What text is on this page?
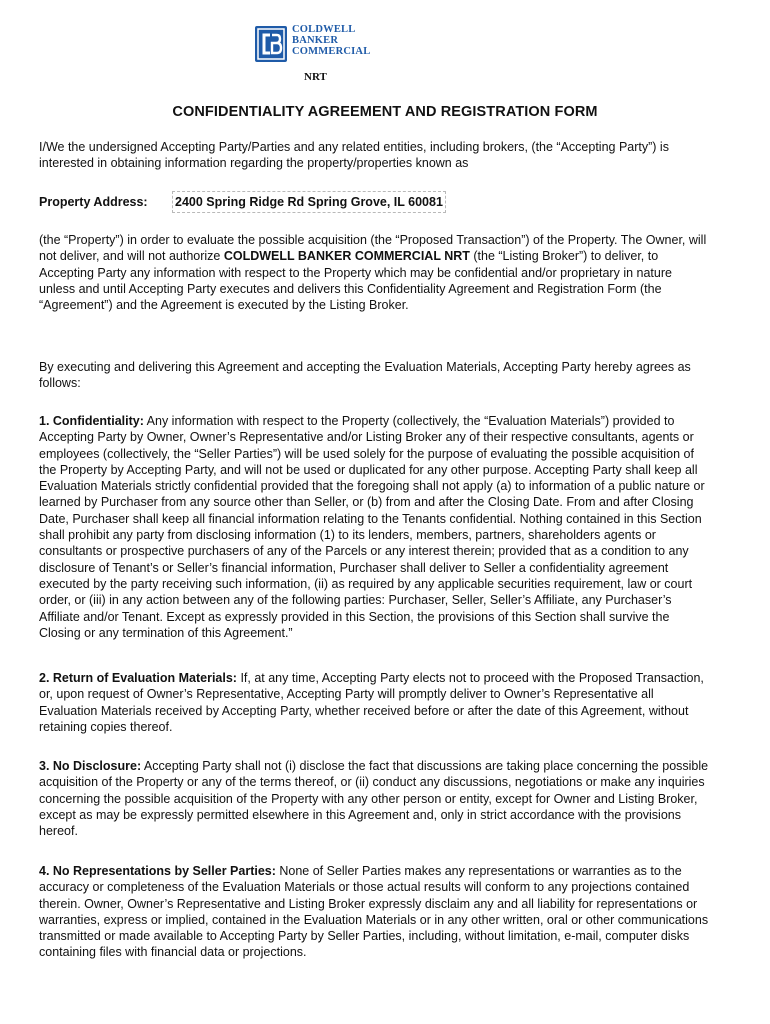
COLDWELL
BANKER
COMMERCIAL
NRT
CONFIDENTIALITY AGREEMENT AND REGISTRATION FORM

I/We the undersigned Accepting Party/Parties and any related entities, including brokers, (the “Accepting Party”) is interested in obtaining information regarding the property/properties known as

Property Address: 2400 Spring Ridge Rd Spring Grove, IL 60081

(the “Property”) in order to evaluate the possible acquisition (the “Proposed Transaction”) of the Property. The Owner, will not deliver, and will not authorize COLDWELL BANKER COMMERCIAL NRT (the “Listing Broker”) to deliver, to Accepting Party any information with respect to the Property which may be confidential and/or proprietary in nature unless and until Accepting Party executes and delivers this Confidentiality Agreement and Registration Form (the
“Agreement”) and the Agreement is executed by the Listing Broker.

By executing and delivering this Agreement and accepting the Evaluation Materials, Accepting Party hereby agrees as follows:

1. Confidentiality: Any information with respect to the Property (collectively, the “Evaluation Materials”) provided to Accepting Party by Owner, Owner’s Representative and/or Listing Broker any of their respective consultants, agents or employees (collectively, the “Seller Parties”) will be used solely for the purpose of evaluating the possible acquisition of the Property by Accepting Party, and will not be used or duplicated for any other purpose. Accepting Party shall keep all Evaluation Materials strictly confidential provided that the foregoing shall not apply (a) to information of a public nature or learned by Purchaser from any source other than Seller, or (b) from and after the Closing Date. From and after Closing Date, Purchaser shall keep all financial information relating to the Tenants confidential. Nothing contained in this Section shall prohibit any party from disclosing information (1) to its lenders, members, partners, shareholders agents or consultants or prospective purchasers of any of the Parcels or any interest therein; provided that as a condition to any disclosure of Tenant’s or Seller’s financial information, Purchaser shall deliver to Seller a confidentiality agreement executed by the party receiving such information, (ii) as required by any applicable securities requirement, law or court order, or (iii) in any action between any of the following parties: Purchaser, Seller, Seller’s Affiliate, any Purchaser’s Affiliate and/or Tenant. Except as expressly provided in this Section, the provisions of this Section shall survive the Closing or any termination of this Agreement.”

2. Return of Evaluation Materials: If, at any time, Accepting Party elects not to proceed with the Proposed Transaction, or, upon request of Owner’s Representative, Accepting Party will promptly deliver to Owner’s Representative all Evaluation Materials received by Accepting Party, whether received before or after the date of this Agreement, without retaining copies thereof.

3. No Disclosure: Accepting Party shall not (i) disclose the fact that discussions are taking place concerning the possible acquisition of the Property or any of the terms thereof, or (ii) conduct any discussions, negotiations or make any inquiries concerning the possible acquisition of the Property with any other person or entity, except for Owner and Listing Broker, except as may be expressly permitted elsewhere in this Agreement and, only in strict accordance with the provisions hereof.

4. No Representations by Seller Parties: None of Seller Parties makes any representations or warranties as to the accuracy or completeness of the Evaluation Materials or those actual results will conform to any projections contained therein. Owner, Owner’s Representative and Listing Broker expressly disclaim any and all liability for representations or warranties, express or implied, contained in the Evaluation Materials or in any other written, oral or other communications transmitted or made available to Accepting Party by Seller Parties, including, without limitation, e-mail, computer disks containing files with financial data or projections.
